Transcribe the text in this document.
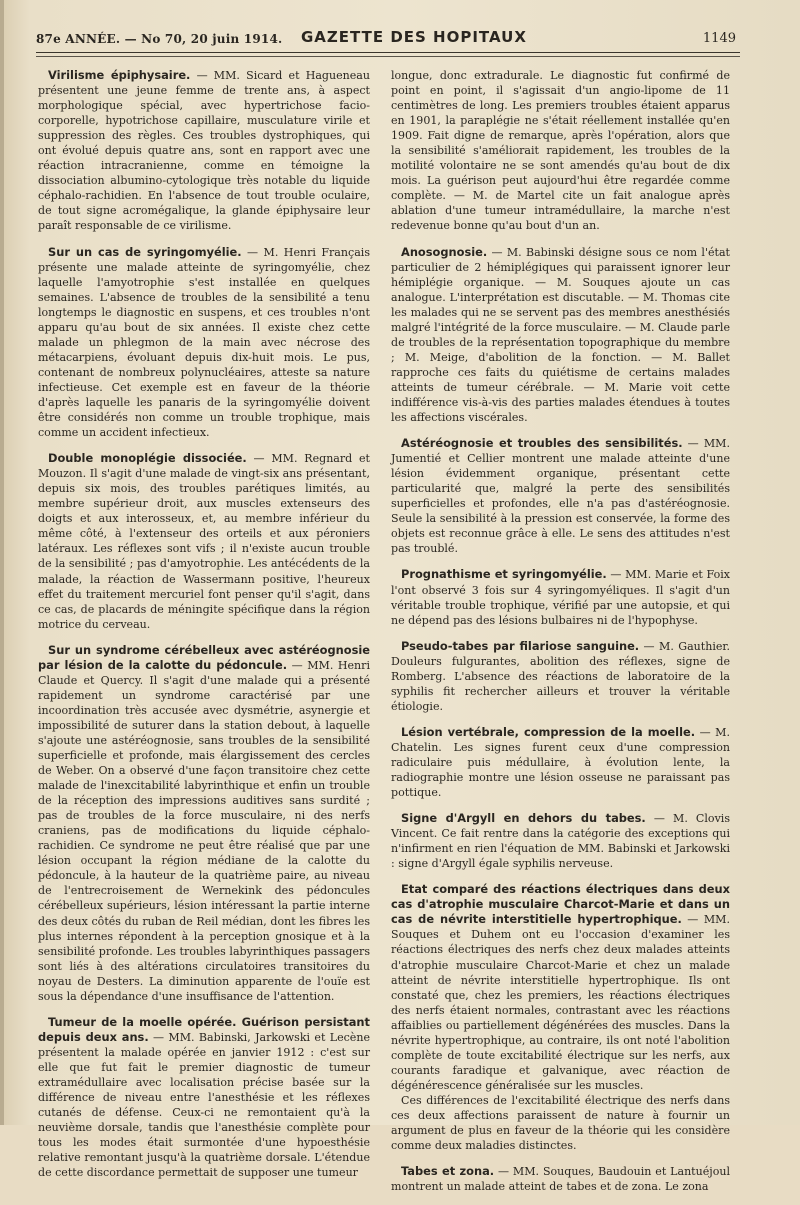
87e ANNÉE. — No 70, 20 juin 1914. GAZETTE DES HOPITAUX	1149

Virilisme épiphysaire. — MM. Sicard et Hagueneau présentent une jeune femme de trente ans, à aspect morphologique spécial, avec hypertrichose facio-corporelle, hypotrichose capillaire, musculature virile et suppression des règles. Ces troubles dystrophiques, qui ont évolué depuis quatre ans, sont en rapport avec une réaction intracranienne, comme en témoigne la dissociation albumino-cytologique très notable du liquide céphalo-rachidien. En l'absence de tout trouble oculaire, de tout signe acromégalique, la glande épiphysaire leur paraît responsable de ce virilisme.

Sur un cas de syringomyélie. — M. Henri Français présente une malade atteinte de syringomyélie, chez laquelle l'amyotrophie s'est installée en quelques semaines. L'absence de troubles de la sensibilité a tenu longtemps le diagnostic en suspens, et ces troubles n'ont apparu qu'au bout de six années. Il existe chez cette malade un phlegmon de la main avec nécrose des métacarpiens, évoluant depuis dix-huit mois. Le pus, contenant de nombreux polynucléaires, atteste sa nature infectieuse. Cet exemple est en faveur de la théorie d'après laquelle les panaris de la syringomyélie doivent être considérés non comme un trouble trophique, mais comme un accident infectieux.

Double monoplégie dissociée. — MM. Regnard et Mouzon. Il s'agit d'une malade de vingt-six ans présentant, depuis six mois, des troubles parétiques limités, au membre supérieur droit, aux muscles extenseurs des doigts et aux interosseux, et, au membre inférieur du même côté, à l'extenseur des orteils et aux péroniers latéraux. Les réflexes sont vifs ; il n'existe aucun trouble de la sensibilité ; pas d'amyotrophie. Les antécédents de la malade, la réaction de Wassermann positive, l'heureux effet du traitement mercuriel font penser qu'il s'agit, dans ce cas, de placards de méningite spécifique dans la région motrice du cerveau.

Sur un syndrome cérébelleux avec astéréognosie par lésion de la calotte du pédoncule. — MM. Henri Claude et Quercy. Il s'agit d'une malade qui a présenté rapidement un syndrome caractérisé par une incoordination très accusée avec dysmétrie, asynergie et impossibilité de suturer dans la station debout, à laquelle s'ajoute une astéréognosie, sans troubles de la sensibilité superficielle et profonde, mais élargissement des cercles de Weber. On a observé d'une façon transitoire chez cette malade de l'inexcitabilité labyrinthique et enfin un trouble de la réception des impressions auditives sans surdité ; pas de troubles de la force musculaire, ni des nerfs craniens, pas de modifications du liquide céphalo-rachidien. Ce syndrome ne peut être réalisé que par une lésion occupant la région médiane de la calotte du pédoncule, à la hauteur de la quatrième paire, au niveau de l'entrecroisement de Wernekink des pédoncules cérébelleux supérieurs, lésion intéressant la partie interne des deux côtés du ruban de Reil médian, dont les fibres les plus internes répondent à la perception gnosique et à la sensibilité profonde. Les troubles labyrinthiques passagers sont liés à des altérations circulatoires transitoires du noyau de Desters. La diminution apparente de l'ouïe est sous la dépendance d'une insuffisance de l'attention.

Tumeur de la moelle opérée. Guérison persistant depuis deux ans. — MM. Babinski, Jarkowski et Lecène présentent la malade opérée en janvier 1912 : c'est sur elle que fut fait le premier diagnostic de tumeur extramédullaire avec localisation précise basée sur la différence de niveau entre l'anesthésie et les réflexes cutanés de défense. Ceux-ci ne remontaient qu'à la neuvième dorsale, tandis que l'anesthésie complète pour tous les modes était surmontée d'une hypoesthésie relative remontant jusqu'à la quatrième dorsale. L'étendue de cette discordance permettait de supposer une tumeur

longue, donc extradurale. Le diagnostic fut confirmé de point en point, il s'agissait d'un angio-lipome de 11 centimètres de long. Les premiers troubles étaient apparus en 1901, la paraplégie ne s'était réellement installée qu'en 1909. Fait digne de remarque, après l'opération, alors que la sensibilité s'améliorait rapidement, les troubles de la motilité volontaire ne se sont amendés qu'au bout de dix mois. La guérison peut aujourd'hui être regardée comme complète. — M. de Martel cite un fait analogue après ablation d'une tumeur intramédullaire, la marche n'est redevenue bonne qu'au bout d'un an.

Anosognosie. — M. Babinski désigne sous ce nom l'état particulier de 2 hémiplégiques qui paraissent ignorer leur hémiplégie organique. — M. Souques ajoute un cas analogue. L'interprétation est discutable. — M. Thomas cite les malades qui ne se servent pas des membres anesthésiés malgré l'intégrité de la force musculaire. — M. Claude parle de troubles de la représentation topographique du membre ; M. Meige, d'abolition de la fonction. — M. Ballet rapproche ces faits du quiétisme de certains malades atteints de tumeur cérébrale. — M. Marie voit cette indifférence vis-à-vis des parties malades étendues à toutes les affections viscérales.

Astéréognosie et troubles des sensibilités. — MM. Jumentié et Cellier montrent une malade atteinte d'une lésion évidemment organique, présentant cette particularité que, malgré la perte des sensibilités superficielles et profondes, elle n'a pas d'astéréognosie. Seule la sensibilité à la pression est conservée, la forme des objets est reconnue grâce à elle. Le sens des attitudes n'est pas troublé.

Prognathisme et syringomyélie. — MM. Marie et Foix l'ont observé 3 fois sur 4 syringomyéliques. Il s'agit d'un véritable trouble trophique, vérifié par une autopsie, et qui ne dépend pas des lésions bulbaires ni de l'hypophyse.

Pseudo-tabes par filariose sanguine. — M. Gauthier. Douleurs fulgurantes, abolition des réflexes, signe de Romberg. L'absence des réactions de laboratoire de la syphilis fit rechercher ailleurs et trouver la véritable étiologie.

Lésion vertébrale, compression de la moelle. — M. Chatelin. Les signes furent ceux d'une compression radiculaire puis médullaire, à évolution lente, la radiographie montre une lésion osseuse ne paraissant pas pottique.

Signe d'Argyll en dehors du tabes. — M. Clovis Vincent. Ce fait rentre dans la catégorie des exceptions qui n'infirment en rien l'équation de MM. Babinski et Jarkowski : signe d'Argyll égale syphilis nerveuse.

Etat comparé des réactions électriques dans deux cas d'atrophie musculaire Charcot-Marie et dans un cas de névrite interstitielle hypertrophique. — MM. Souques et Duhem ont eu l'occasion d'examiner les réactions électriques des nerfs chez deux malades atteints d'atrophie musculaire Charcot-Marie et chez un malade atteint de névrite interstitielle hypertrophique. Ils ont constaté que, chez les premiers, les réactions électriques des nerfs étaient normales, contrastant avec les réactions affaiblies ou partiellement dégénérées des muscles. Dans la névrite hypertrophique, au contraire, ils ont noté l'abolition complète de toute excitabilité électrique sur les nerfs, aux courants faradique et galvanique, avec réaction de dégénérescence généralisée sur les muscles.

Ces différences de l'excitabilité électrique des nerfs dans ces deux affections paraissent de nature à fournir un argument de plus en faveur de la théorie qui les considère comme deux maladies distinctes.

Tabes et zona. — MM. Souques, Baudouin et Lantuéjoul montrent un malade atteint de tabes et de zona. Le zona
